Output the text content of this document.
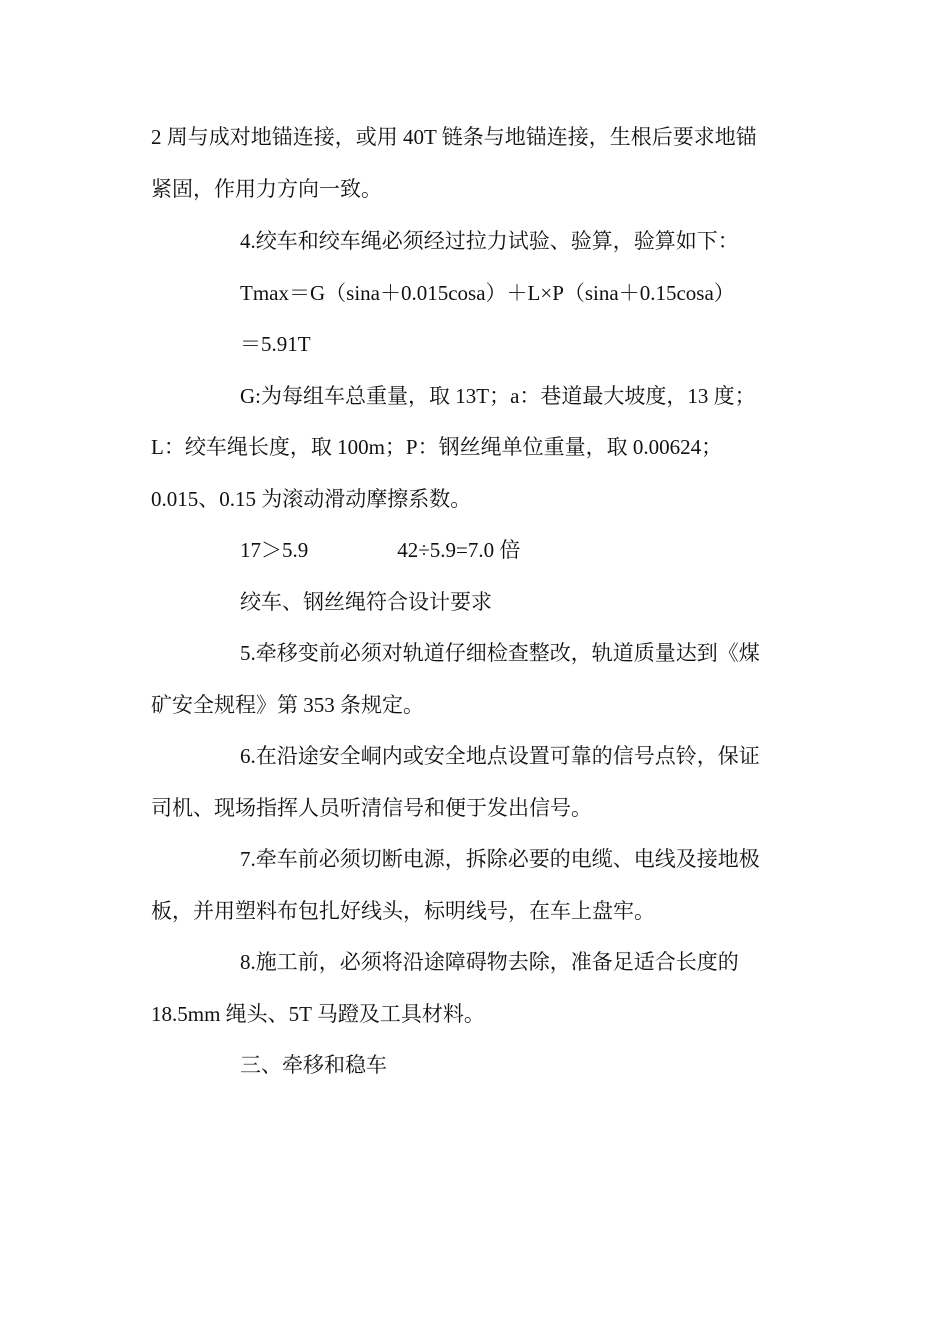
2 周与成对地锚连接，或用 40T 链条与地锚连接，生根后要求地锚
紧固，作用力方向一致。
4.绞车和绞车绳必须经过拉力试验、验算，验算如下：
Tmax＝G（sina＋0.015cosa）＋L×P（sina＋0.15cosa）
＝5.91T
G:为每组车总重量，取 13T；a：巷道最大坡度，13 度；
L：绞车绳长度，取 100m；P：钢丝绳单位重量，取 0.00624；
0.015、0.15 为滚动滑动摩擦系数。
17＞5.9	42÷5.9=7.0 倍
绞车、钢丝绳符合设计要求
5.牵移变前必须对轨道仔细检查整改，轨道质量达到《煤
矿安全规程》第 353 条规定。
6.在沿途安全峒内或安全地点设置可靠的信号点铃，保证
司机、现场指挥人员听清信号和便于发出信号。
7.牵车前必须切断电源，拆除必要的电缆、电线及接地极
板，并用塑料布包扎好线头，标明线号，在车上盘牢。
8.施工前，必须将沿途障碍物去除，准备足适合长度的
18.5mm 绳头、5T 马蹬及工具材料。
三、牵移和稳车
